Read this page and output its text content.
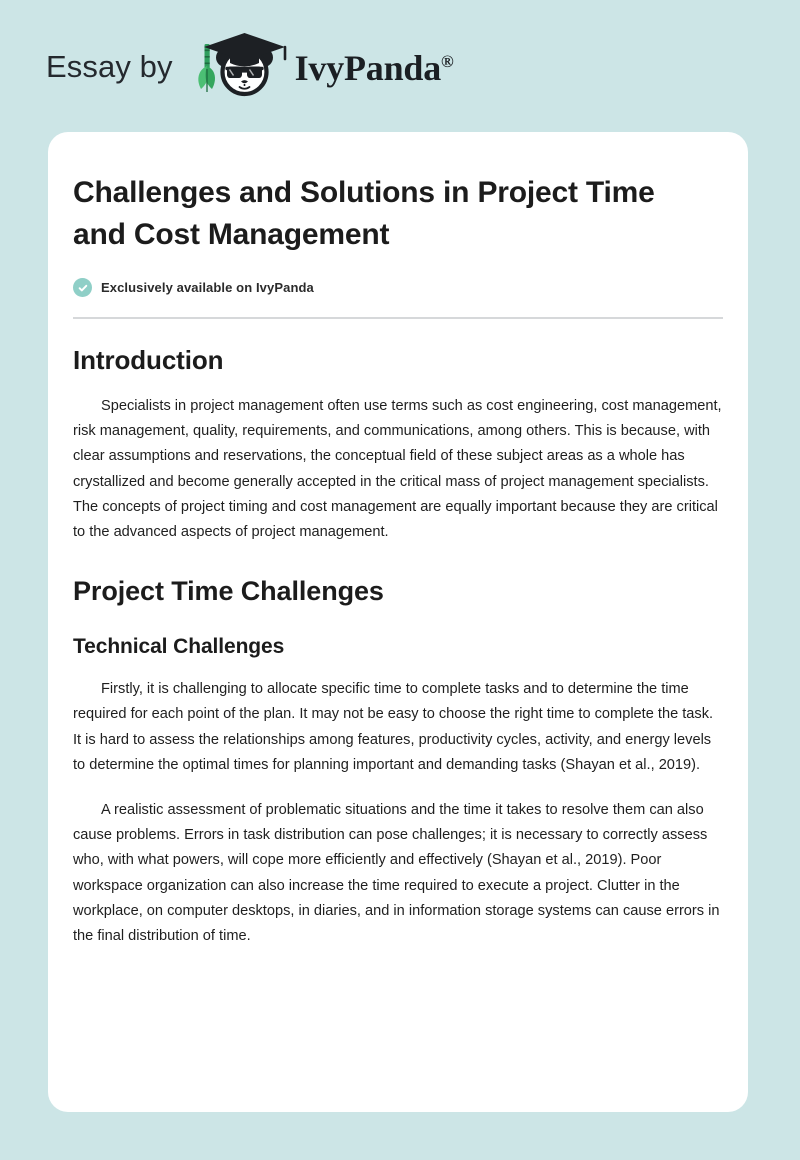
Essay by	IvyPanda®
Challenges and Solutions in Project Time and Cost Management
Exclusively available on IvyPanda
Introduction

Specialists in project management often use terms such as cost engineering, cost management, risk management, quality, requirements, and communications, among others. This is because, with clear assumptions and reservations, the conceptual field of these subject areas as a whole has crystallized and become generally accepted in the critical mass of project management specialists. The concepts of project timing and cost management are equally important because they are critical to the advanced aspects of project management.

Project Time Challenges
Technical Challenges

Firstly, it is challenging to allocate specific time to complete tasks and to determine the time required for each point of the plan. It may not be easy to choose the right time to complete the task. It is hard to assess the relationships among features, productivity cycles, activity, and energy levels to determine the optimal times for planning important and demanding tasks (Shayan et al., 2019).

A realistic assessment of problematic situations and the time it takes to resolve them can also cause problems. Errors in task distribution can pose challenges; it is necessary to correctly assess who, with what powers, will cope more efficiently and effectively (Shayan et al., 2019). Poor workspace organization can also increase the time required to execute a project. Clutter in the workplace, on computer desktops, in diaries, and in information storage systems can cause errors in the final distribution of time.
